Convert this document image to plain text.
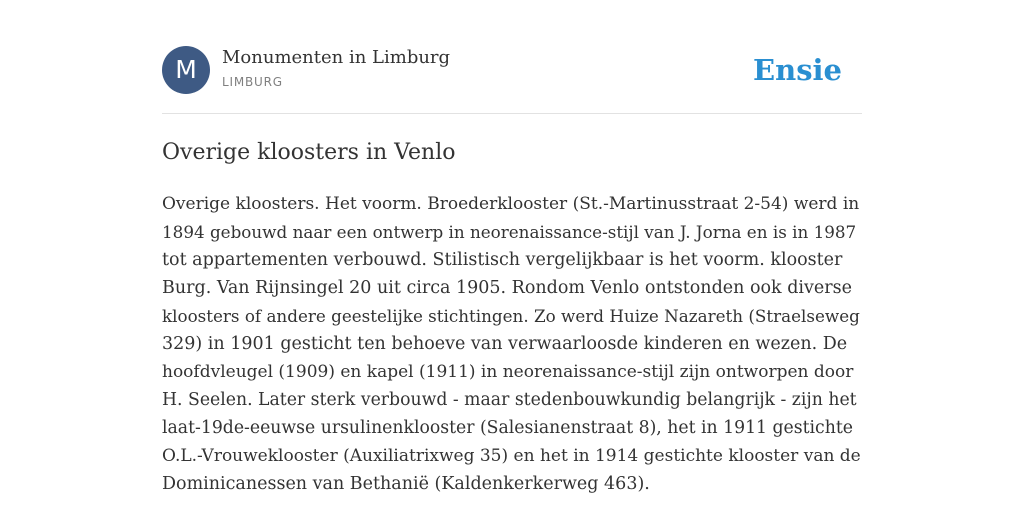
M	Monumenten in Limburg
LIMBURG	Ensie
Overige kloosters in Venlo
Overige kloosters. Het voorm. Broederklooster (St.-Martinusstraat 2-54) werd in
1894 gebouwd naar een ontwerp in neorenaissance-stijl van J. Jorna en is in 1987
tot appartementen verbouwd. Stilistisch vergelijkbaar is het voorm. klooster
Burg. Van Rijnsingel 20 uit circa 1905. Rondom Venlo ontstonden ook diverse
kloosters of andere geestelijke stichtingen. Zo werd Huize Nazareth (Straelseweg
329) in 1901 gesticht ten behoeve van verwaarloosde kinderen en wezen. De
hoofdvleugel (1909) en kapel (1911) in neorenaissance-stijl zijn ontworpen door
H. Seelen. Later sterk verbouwd - maar stedenbouwkundig belangrijk - zijn het
laat-19de-eeuwse ursulinenklooster (Salesianenstraat 8), het in 1911 gestichte
O.L.-Vrouweklooster (Auxiliatrixweg 35) en het in 1914 gestichte klooster van de
Dominicanessen van Bethanië (Kaldenkerkerweg 463).
